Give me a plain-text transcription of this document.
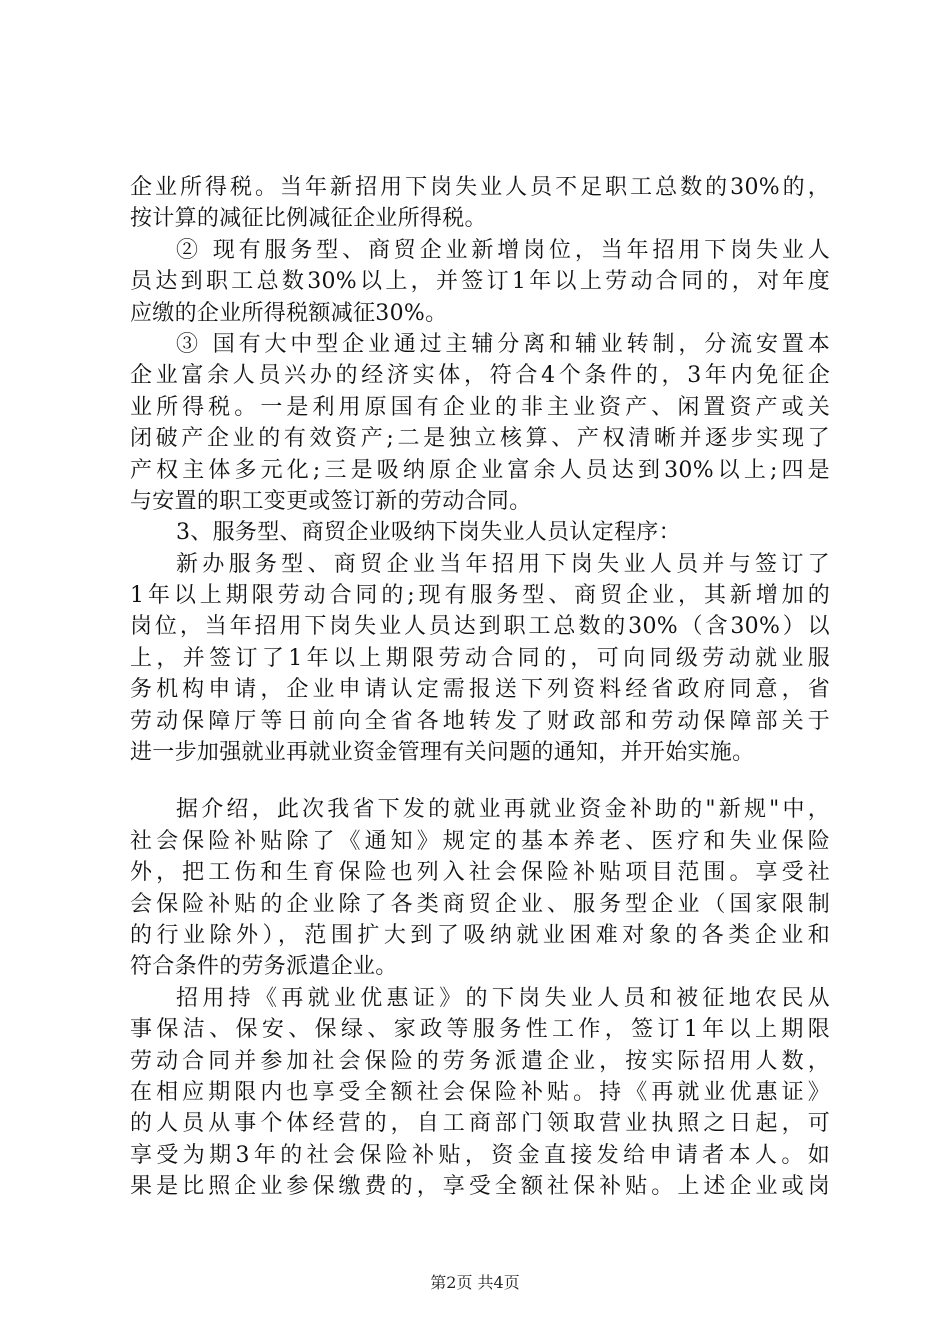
企业所得税。当年新招用下岗失业人员不足职工总数的30%的，
按计算的减征比例减征企业所得税。
② 现有服务型、商贸企业新增岗位，当年招用下岗失业人
员达到职工总数30%以上，并签订1年以上劳动合同的，对年度
应缴的企业所得税额减征30%。
③ 国有大中型企业通过主辅分离和辅业转制，分流安置本
企业富余人员兴办的经济实体，符合4个条件的，3年内免征企
业所得税。一是利用原国有企业的非主业资产、闲置资产或关
闭破产企业的有效资产;二是独立核算、产权清晰并逐步实现了
产权主体多元化;三是吸纳原企业富余人员达到30%以上;四是
与安置的职工变更或签订新的劳动合同。
3、服务型、商贸企业吸纳下岗失业人员认定程序：
新办服务型、商贸企业当年招用下岗失业人员并与签订了
1年以上期限劳动合同的;现有服务型、商贸企业，其新增加的
岗位，当年招用下岗失业人员达到职工总数的30%（含30%）以
上，并签订了1年以上期限劳动合同的，可向同级劳动就业服
务机构申请，企业申请认定需报送下列资料经省政府同意，省
劳动保障厅等日前向全省各地转发了财政部和劳动保障部关于
进一步加强就业再就业资金管理有关问题的通知，并开始实施。
据介绍，此次我省下发的就业再就业资金补助的"新规"中，
社会保险补贴除了《通知》规定的基本养老、医疗和失业保险
外，把工伤和生育保险也列入社会保险补贴项目范围。享受社
会保险补贴的企业除了各类商贸企业、服务型企业（国家限制
的行业除外），范围扩大到了吸纳就业困难对象的各类企业和
符合条件的劳务派遣企业。
招用持《再就业优惠证》的下岗失业人员和被征地农民从
事保洁、保安、保绿、家政等服务性工作，签订1年以上期限
劳动合同并参加社会保险的劳务派遣企业，按实际招用人数，
在相应期限内也享受全额社会保险补贴。持《再就业优惠证》
的人员从事个体经营的，自工商部门领取营业执照之日起，可
享受为期3年的社会保险补贴，资金直接发给申请者本人。如
果是比照企业参保缴费的，享受全额社保补贴。上述企业或岗
第2页 共4页
